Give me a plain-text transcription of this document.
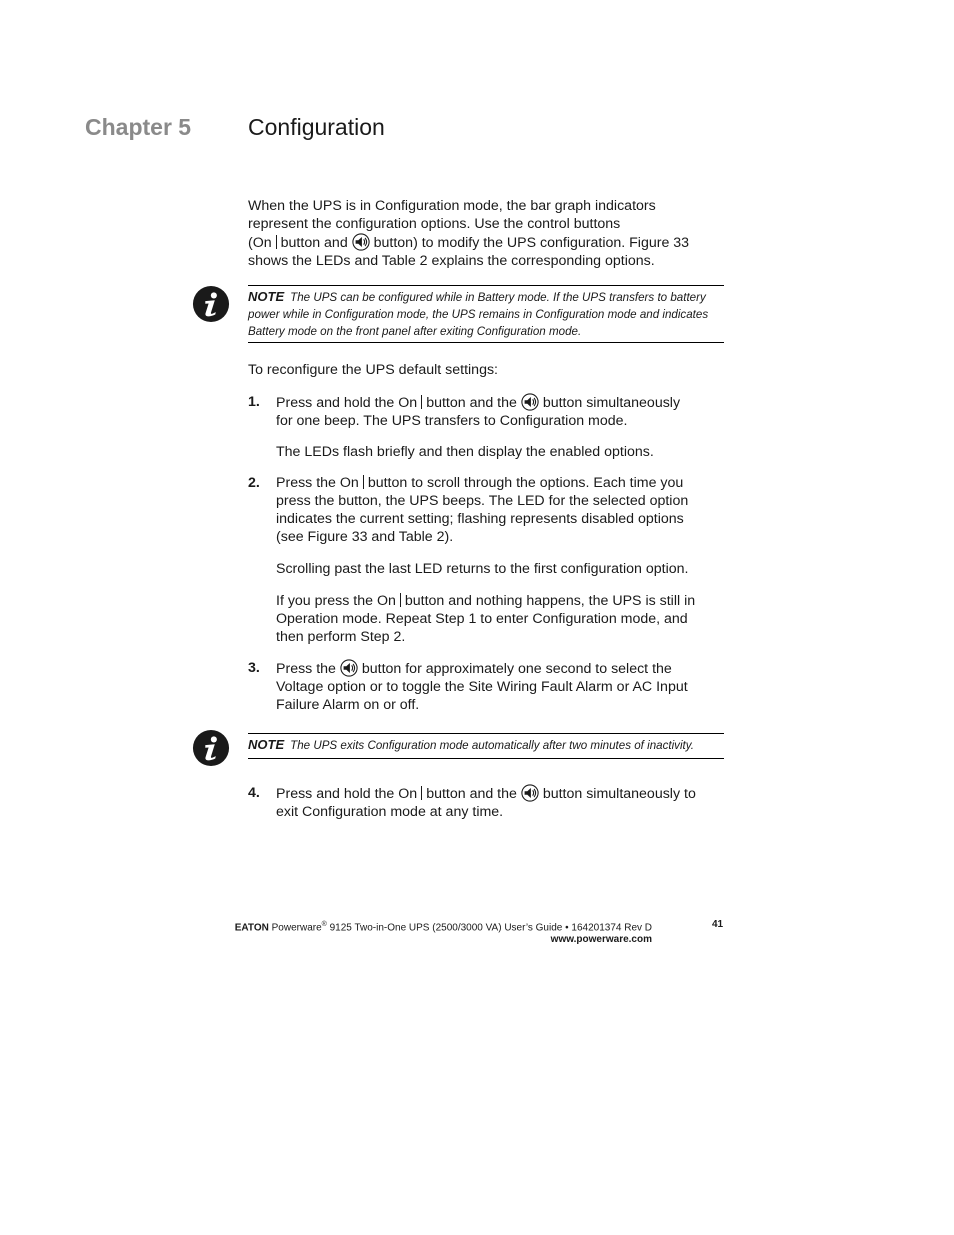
Chapter 5 Configuration
When the UPS is in Configuration mode, the bar graph indicators
represent the configuration options. Use the control buttons
(On button and button) to modify the UPS configuration. Figure 33
shows the LEDs and Table 2 explains the corresponding options.
NOTE The UPS can be configured while in Battery mode. If the UPS transfers to battery
power while in Configuration mode, the UPS remains in Configuration mode and indicates
Battery mode on the front panel after exiting Configuration mode.
To reconfigure the UPS default settings:
1. Press and hold the On button and the button simultaneously
for one beep. The UPS transfers to Configuration mode.
The LEDs flash briefly and then display the enabled options.
2. Press the On button to scroll through the options. Each time you
press the button, the UPS beeps. The LED for the selected option
indicates the current setting; flashing represents disabled options
(see Figure 33 and Table 2).
Scrolling past the last LED returns to the first configuration option.
If you press the On button and nothing happens, the UPS is still in
Operation mode. Repeat Step 1 to enter Configuration mode, and
then perform Step 2.
3. Press the button for approximately one second to select the
Voltage option or to toggle the Site Wiring Fault Alarm or AC Input
Failure Alarm on or off.
NOTE The UPS exits Configuration mode automatically after two minutes of inactivity.
4. Press and hold the On button and the button simultaneously to
exit Configuration mode at any time.
EATON Powerware® 9125 Two-in-One UPS (2500/3000 VA) User’s Guide • 164201374 Rev D
www.powerware.com
41
